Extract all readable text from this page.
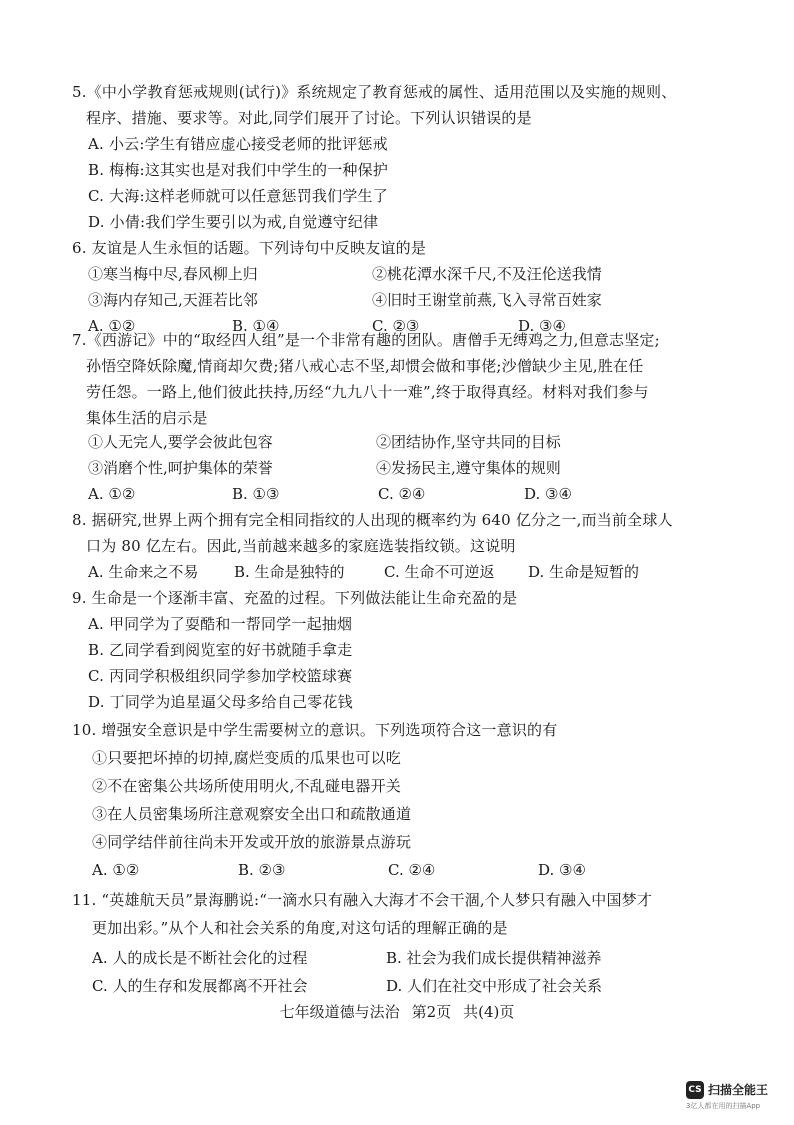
5.《中小学教育惩戒规则(试行)》系统规定了教育惩戒的属性、适用范围以及实施的规则、
程序、措施、要求等。对此,同学们展开了讨论。下列认识错误的是
A. 小云:学生有错应虚心接受老师的批评惩戒
B. 梅梅:这其实也是对我们中学生的一种保护
C. 大海:这样老师就可以任意惩罚我们学生了
D. 小倩:我们学生要引以为戒,自觉遵守纪律
6. 友谊是人生永恒的话题。下列诗句中反映友谊的是
①寒当梅中尽,春风柳上归	②桃花潭水深千尺,不及汪伦送我情
③海内存知己,天涯若比邻	④旧时王谢堂前燕,飞入寻常百姓家
A. ①②	B. ①④	C. ②③	D. ③④
7.《西游记》中的“取经四人组”是一个非常有趣的团队。唐僧手无缚鸡之力,但意志坚定;
孙悟空降妖除魔,情商却欠费;猪八戒心志不坚,却惯会做和事佬;沙僧缺少主见,胜在任
劳任怨。一路上,他们彼此扶持,历经“九九八十一难”,终于取得真经。材料对我们参与
集体生活的启示是
①人无完人,要学会彼此包容	②团结协作,坚守共同的目标
③消磨个性,呵护集体的荣誉	④发扬民主,遵守集体的规则
A. ①②	B. ①③	C. ②④	D. ③④
8. 据研究,世界上两个拥有完全相同指纹的人出现的概率约为 640 亿分之一,而当前全球人
口为 80 亿左右。因此,当前越来越多的家庭选装指纹锁。这说明
A. 生命来之不易 B. 生命是独特的	C. 生命不可逆返 D. 生命是短暂的
9. 生命是一个逐渐丰富、充盈的过程。下列做法能让生命充盈的是
A. 甲同学为了耍酷和一帮同学一起抽烟
B. 乙同学看到阅览室的好书就随手拿走
C. 丙同学积极组织同学参加学校篮球赛
D. 丁同学为追星逼父母多给自己零花钱
10. 增强安全意识是中学生需要树立的意识。下列选项符合这一意识的有
①只要把坏掉的切掉,腐烂变质的瓜果也可以吃
②不在密集公共场所使用明火,不乱碰电器开关
③在人员密集场所注意观察安全出口和疏散通道
④同学结伴前往尚未开发或开放的旅游景点游玩
A. ①②	B. ②③	C. ②④	D. ③④
11. “英雄航天员”景海鹏说:“一滴水只有融入大海才不会干涸,个人梦只有融入中国梦才
更加出彩。”从个人和社会关系的角度,对这句话的理解正确的是
A. 人的成长是不断社会化的过程	B. 社会为我们成长提供精神滋养
C. 人的生存和发展都离不开社会	D. 人们在社交中形成了社会关系
七年级道德与法治 第2页 共(4)页
CS 扫描全能王
3亿人都在用的扫描App
